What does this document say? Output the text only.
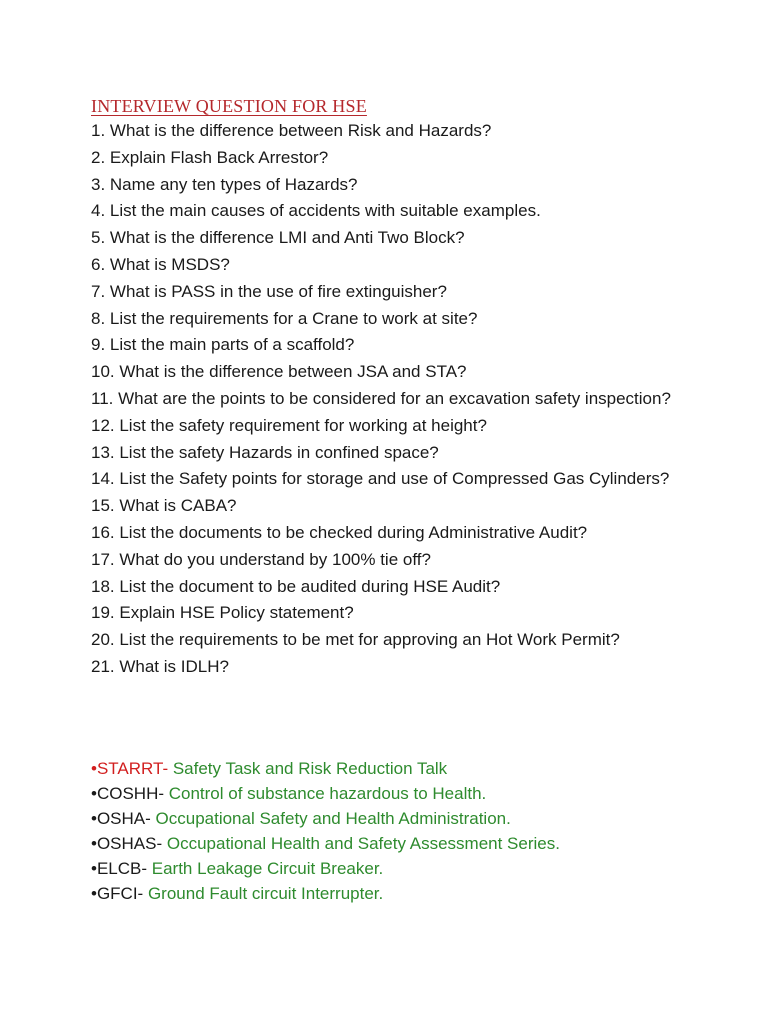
INTERVIEW QUESTION FOR HSE
1. What is the difference between Risk and Hazards?
2. Explain Flash Back Arrestor?
3. Name any ten types of Hazards?
4. List the main causes of accidents with suitable examples.
5. What is the difference LMI and Anti Two Block?
6. What is MSDS?
7. What is PASS in the use of fire extinguisher?
8. List the requirements for a Crane to work at site?
9. List the main parts of a scaffold?
10. What is the difference between JSA and STA?
11. What are the points to be considered for an excavation safety inspection?
12. List the safety requirement for working at height?
13. List the safety Hazards in confined space?
14. List the Safety points for storage and use of Compressed Gas Cylinders?
15. What is CABA?
16. List the documents to be checked during Administrative Audit?
17. What do you understand by 100% tie off?
18. List the document to be audited during HSE Audit?
19. Explain HSE Policy statement?
20. List the requirements to be met for approving an Hot Work Permit?
21. What is IDLH?
•STARRT- Safety Task and Risk Reduction Talk
•COSHH- Control of substance hazardous to Health.
•OSHA- Occupational Safety and Health Administration.
•OSHAS- Occupational Health and Safety Assessment Series.
•ELCB- Earth Leakage Circuit Breaker.
•GFCI- Ground Fault circuit Interrupter.
